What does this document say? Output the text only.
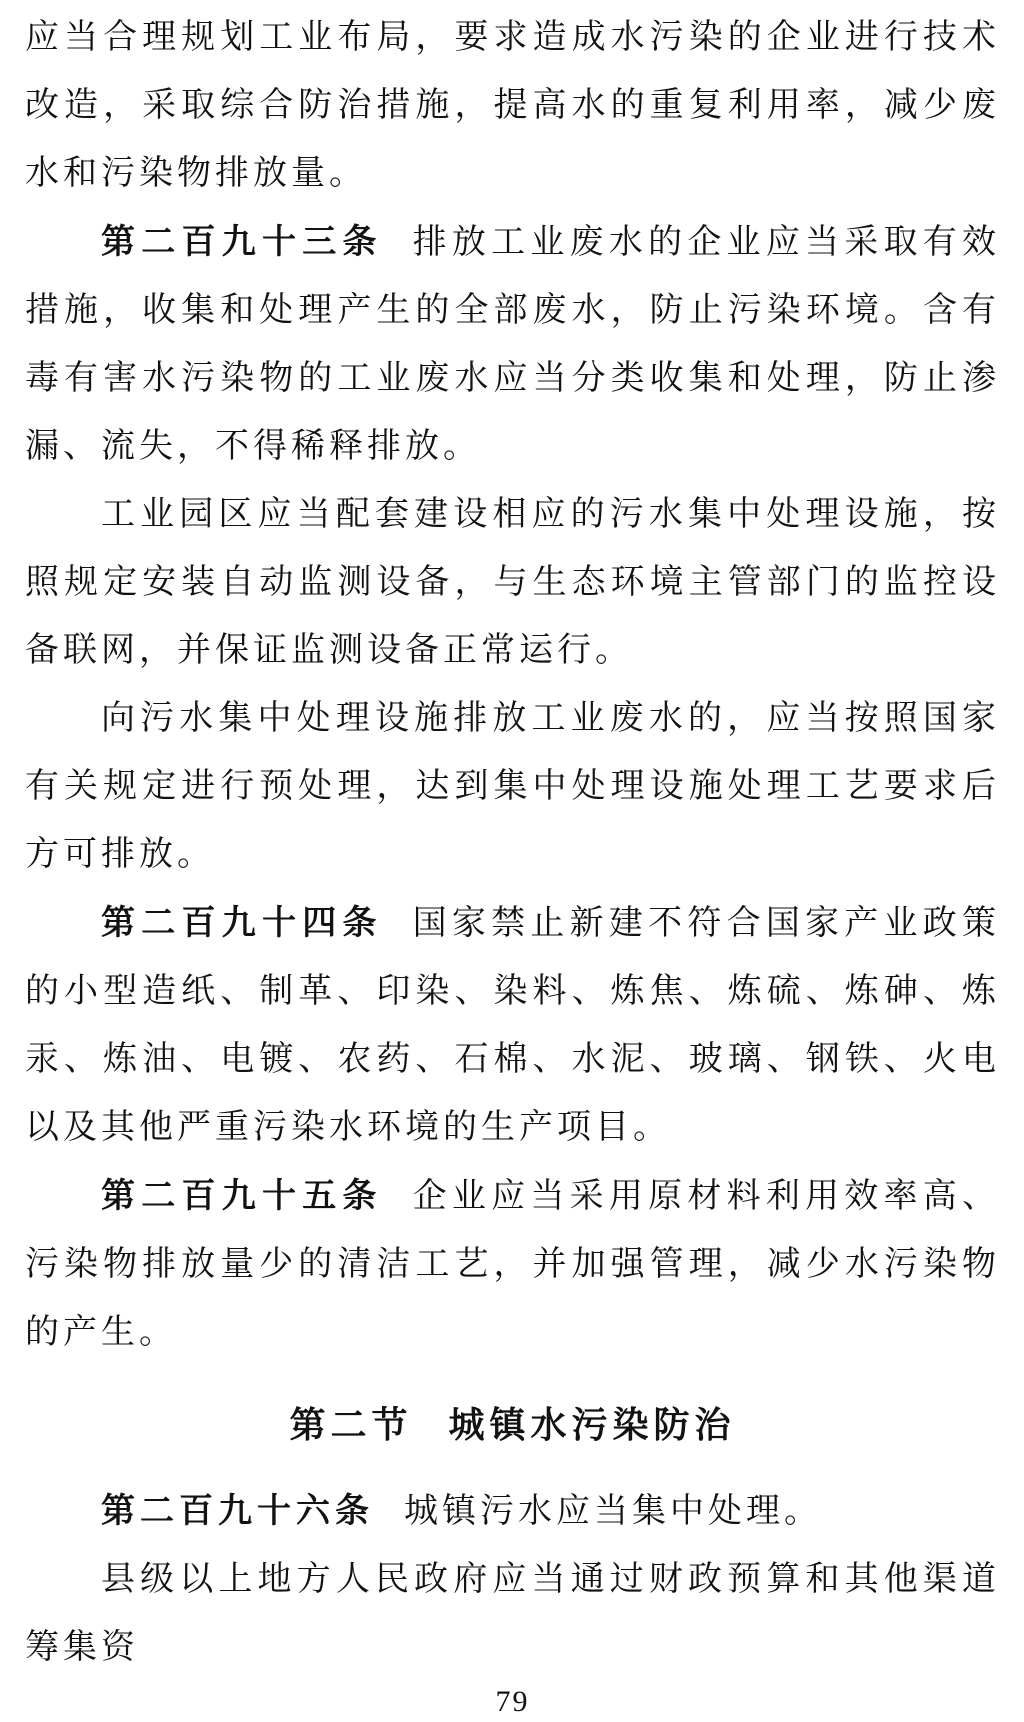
应当合理规划工业布局，要求造成水污染的企业进行技术改造，采取综合防治措施，提高水的重复利用率，减少废水和污染物排放量。

第二百九十三条 排放工业废水的企业应当采取有效措施，收集和处理产生的全部废水，防止污染环境。含有毒有害水污染物的工业废水应当分类收集和处理，防止渗漏、流失，不得稀释排放。

工业园区应当配套建设相应的污水集中处理设施，按照规定安装自动监测设备，与生态环境主管部门的监控设备联网，并保证监测设备正常运行。

向污水集中处理设施排放工业废水的，应当按照国家有关规定进行预处理，达到集中处理设施处理工艺要求后方可排放。

第二百九十四条 国家禁止新建不符合国家产业政策的小型造纸、制革、印染、染料、炼焦、炼硫、炼砷、炼汞、炼油、电镀、农药、石棉、水泥、玻璃、钢铁、火电以及其他严重污染水环境的生产项目。

第二百九十五条 企业应当采用原材料利用效率高、污染物排放量少的清洁工艺，并加强管理，减少水污染物的产生。

第二节 城镇水污染防治

第二百九十六条 城镇污水应当集中处理。

县级以上地方人民政府应当通过财政预算和其他渠道筹集资

79
